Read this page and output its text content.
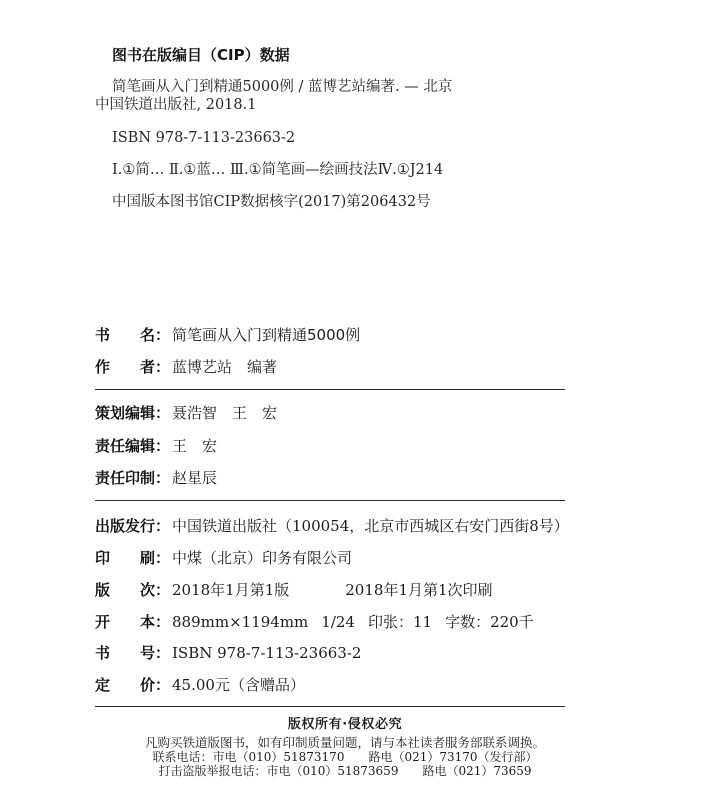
图书在版编目（CIP）数据
简笔画从入门到精通5000例 / 蓝博艺站编著. — 北京
中国铁道出版社, 2018.1
ISBN 978-7-113-23663-2
Ⅰ.①简… Ⅱ.①蓝… Ⅲ.①简笔画—绘画技法Ⅳ.①J214
中国版本图书馆CIP数据核字(2017)第206432号
书　　名： 简笔画从入门到精通5000例
作　　者： 蓝博艺站　编著
策划编辑： 聂浩智　王　宏
责任编辑： 王　宏
责任印制： 赵星辰
出版发行： 中国铁道出版社（100054，北京市西城区右安门西街8号）
印　　刷： 中煤（北京）印务有限公司
版　　次： 2018年1月第1版	2018年1月第1次印刷
开　　本： 889mm×1194mm 1/24 印张：11 字数：220千
书　　号： ISBN 978-7-113-23663-2
定　　价： 45.00元（含赠品）
版权所有·侵权必究
凡购买铁道版图书，如有印制质量问题，请与本社读者服务部联系调换。
联系电话：市电（010）51873170　　路电（021）73170（发行部）
打击盗版举报电话：市电（010）51873659　　路电（021）73659
